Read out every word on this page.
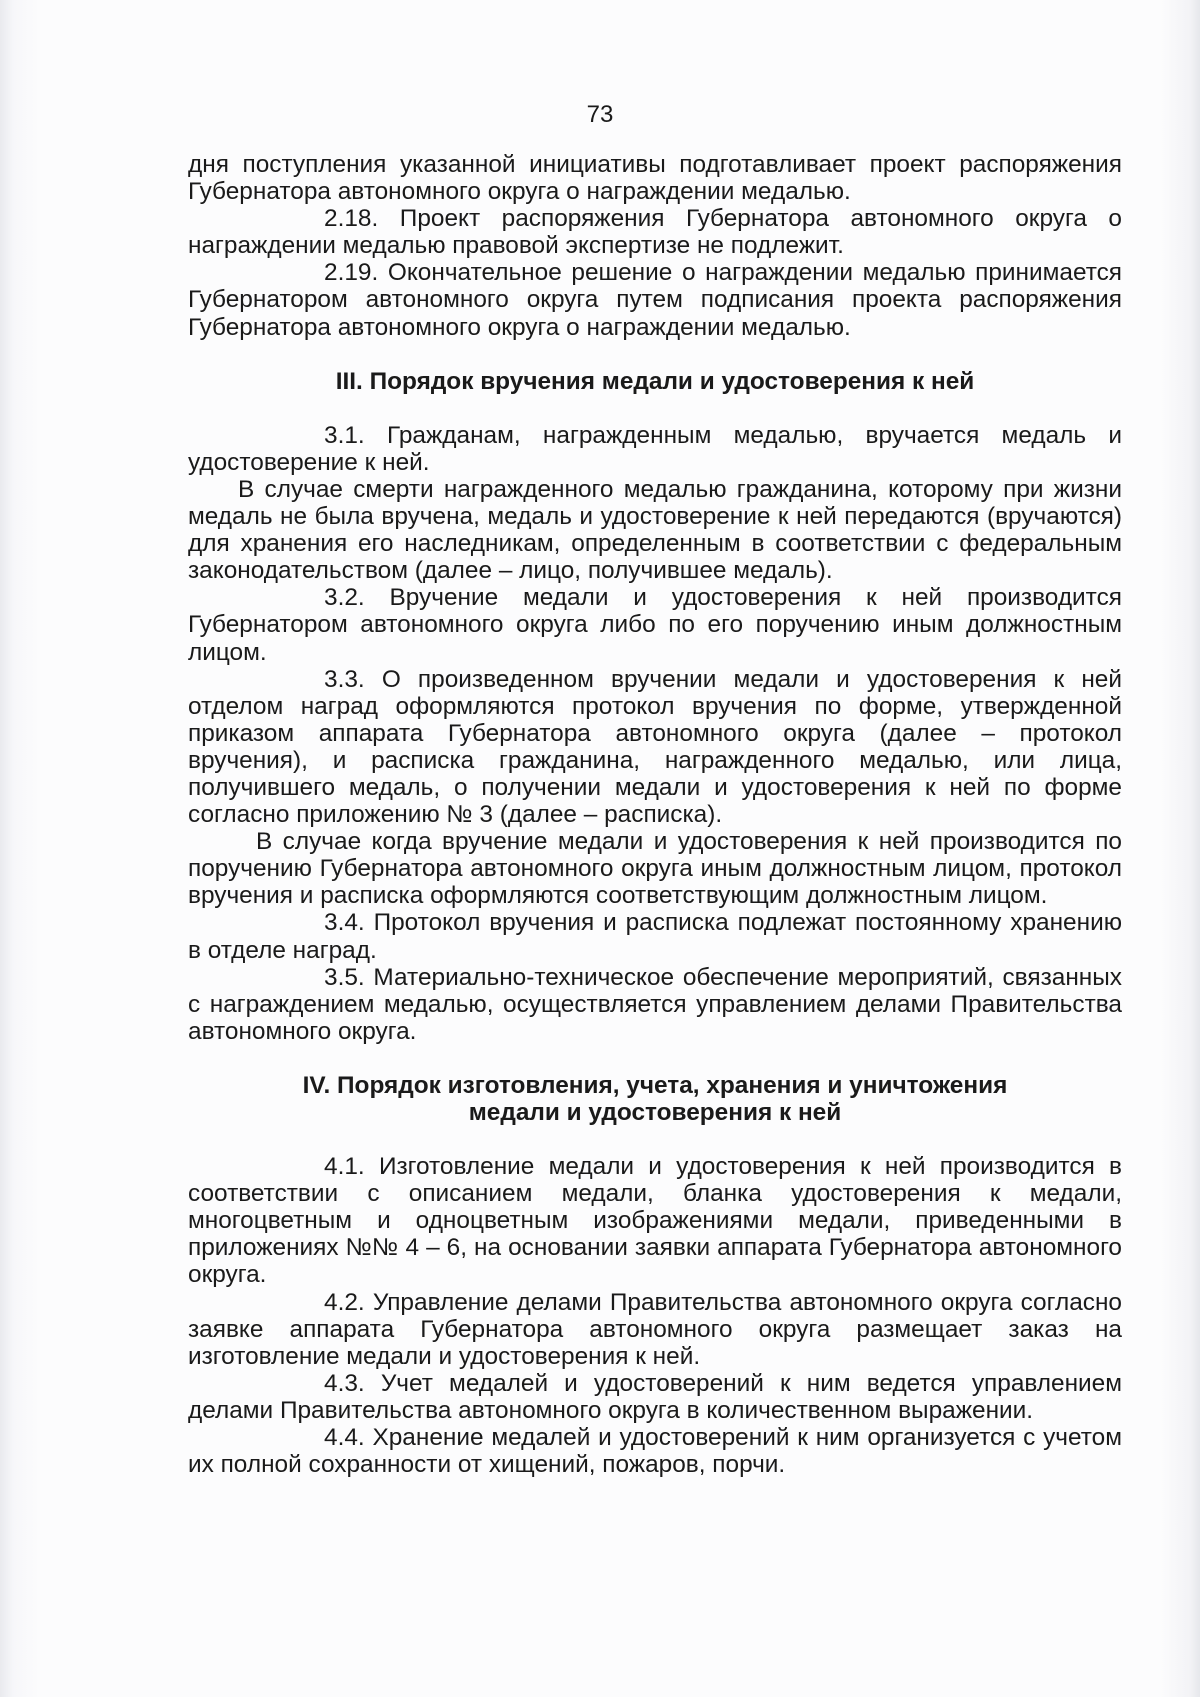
73

дня поступления указанной инициативы подготавливает проект распоряжения Губернатора автономного округа о награждении медалью.

2.18. Проект распоряжения Губернатора автономного округа о награждении медалью правовой экспертизе не подлежит.

2.19. Окончательное решение о награждении медалью принимается Губернатором автономного округа путем подписания проекта распоряжения Губернатора автономного округа о награждении медалью.

III. Порядок вручения медали и удостоверения к ней

3.1. Гражданам, награжденным медалью, вручается медаль и удостоверение к ней.

В случае смерти награжденного медалью гражданина, которому при жизни медаль не была вручена, медаль и удостоверение к ней передаются (вручаются) для хранения его наследникам, определенным в соответствии с федеральным законодательством (далее – лицо, получившее медаль).

3.2. Вручение медали и удостоверения к ней производится Губернатором автономного округа либо по его поручению иным должностным лицом.

3.3. О произведенном вручении медали и удостоверения к ней отделом наград оформляются протокол вручения по форме, утвержденной приказом аппарата Губернатора автономного округа (далее – протокол вручения), и расписка гражданина, награжденного медалью, или лица, получившего медаль, о получении медали и удостоверения к ней по форме согласно приложению № 3 (далее – расписка).

В случае когда вручение медали и удостоверения к ней производится по поручению Губернатора автономного округа иным должностным лицом, протокол вручения и расписка оформляются соответствующим должностным лицом.

3.4. Протокол вручения и расписка подлежат постоянному хранению в отделе наград.

3.5. Материально-техническое обеспечение мероприятий, связанных с награждением медалью, осуществляется управлением делами Правительства автономного округа.

IV. Порядок изготовления, учета, хранения и уничтожения
медали и удостоверения к ней

4.1. Изготовление медали и удостоверения к ней производится в соответствии с описанием медали, бланка удостоверения к медали, многоцветным и одноцветным изображениями медали, приведенными в приложениях №№ 4 – 6, на основании заявки аппарата Губернатора автономного округа.

4.2. Управление делами Правительства автономного округа согласно заявке аппарата Губернатора автономного округа размещает заказ на изготовление медали и удостоверения к ней.

4.3. Учет медалей и удостоверений к ним ведется управлением делами Правительства автономного округа в количественном выражении.

4.4. Хранение медалей и удостоверений к ним организуется с учетом их полной сохранности от хищений, пожаров, порчи.
